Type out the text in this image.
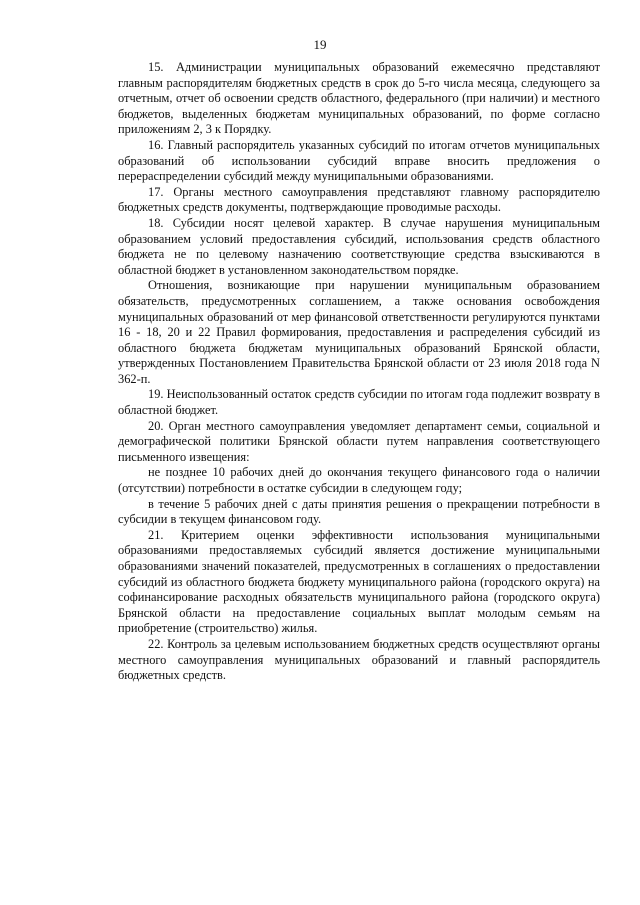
19

15. Администрации муниципальных образований ежемесячно представляют главным распорядителям бюджетных средств в срок до 5-го числа месяца, следующего за отчетным, отчет об освоении средств областного, федерального (при наличии) и местного бюджетов, выделенных бюджетам муниципальных образований, по форме согласно приложениям 2, 3 к Порядку.

16. Главный распорядитель указанных субсидий по итогам отчетов муниципальных образований об использовании субсидий вправе вносить предложения о перераспределении субсидий между муниципальными образованиями.

17. Органы местного самоуправления представляют главному распорядителю бюджетных средств документы, подтверждающие проводимые расходы.

18. Субсидии носят целевой характер. В случае нарушения муниципальным образованием условий предоставления субсидий, использования средств областного бюджета не по целевому назначению соответствующие средства взыскиваются в областной бюджет в установленном законодательством порядке.

Отношения, возникающие при нарушении муниципальным образованием обязательств, предусмотренных соглашением, а также основания освобождения муниципальных образований от мер финансовой ответственности регулируются пунктами 16 - 18, 20 и 22 Правил формирования, предоставления и распределения субсидий из областного бюджета бюджетам муниципальных образований Брянской области, утвержденных Постановлением Правительства Брянской области от 23 июля 2018 года N 362-п.

19. Неиспользованный остаток средств субсидии по итогам года подлежит возврату в областной бюджет.

20. Орган местного самоуправления уведомляет департамент семьи, социальной и демографической политики Брянской области путем направления соответствующего письменного извещения:

не позднее 10 рабочих дней до окончания текущего финансового года о наличии (отсутствии) потребности в остатке субсидии в следующем году;

в течение 5 рабочих дней с даты принятия решения о прекращении потребности в субсидии в текущем финансовом году.

21. Критерием оценки эффективности использования муниципальными образованиями предоставляемых субсидий является достижение муниципальными образованиями значений показателей, предусмотренных в соглашениях о предоставлении субсидий из областного бюджета бюджету муниципального района (городского округа) на софинансирование расходных обязательств муниципального района (городского округа) Брянской области на предоставление социальных выплат молодым семьям на приобретение (строительство) жилья.

22. Контроль за целевым использованием бюджетных средств осуществляют органы местного самоуправления муниципальных образований и главный распорядитель бюджетных средств.
